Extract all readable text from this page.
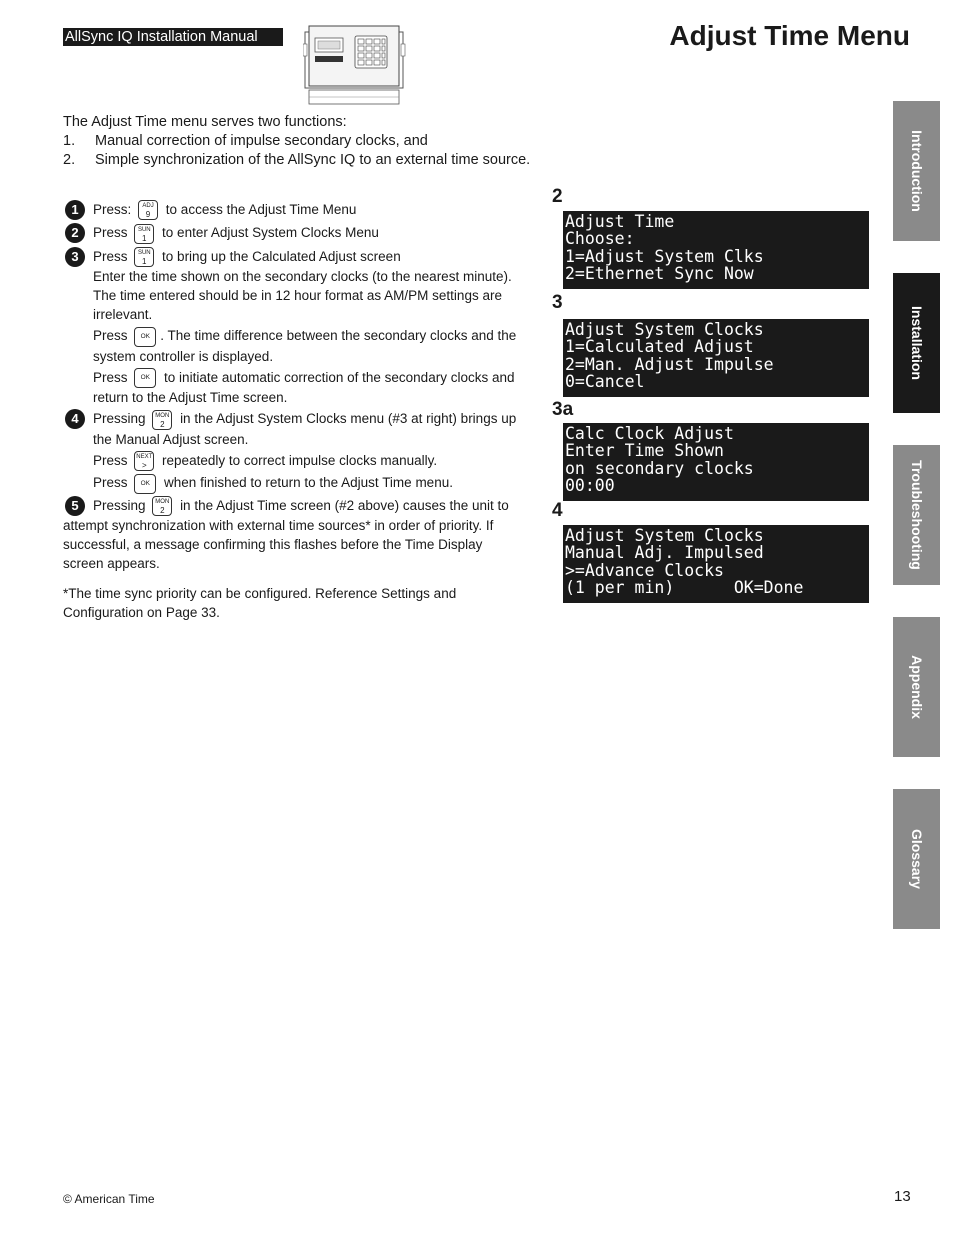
AllSync IQ Installation Manual	Adjust Time Menu
The Adjust Time menu serves two functions:
1.	Manual correction of impulse secondary clocks, and
2.	Simple synchronization of the AllSync IQ to an external time source.

1	Press: ADJ
9	to access the Adjust Time Menu

2	Press SUN
1	to enter Adjust System Clocks Menu

3	Press SUN
1	to bring up the Calculated Adjust screen

Enter the time shown on the secondary clocks (to the nearest minute). The time entered should be in 12 hour format as AM/PM settings are irrelevant.

Press OK . The time difference between the secondary clocks and the system controller is displayed.

Press OK to initiate automatic correction of the secondary clocks and return to the Adjust Time screen.

4	Pressing MON
2	in the Adjust System Clocks menu (#3 at right) brings up the Manual Adjust screen.

Press NEXT
>	repeatedly to correct impulse clocks manually.

Press OK when finished to return to the Adjust Time menu.

5	Pressing MON
2	in the Adjust Time screen (#2 above) causes the unit to attempt synchronization with external time sources* in order of priority. If successful, a message confirming this flashes before the Time Display screen appears.

*The time sync priority can be configured. Reference Settings and Configuration on Page 33.
2
Adjust Time
Choose:
1=Adjust System Clks
2=Ethernet Sync Now
3
Adjust System Clocks
1=Calculated Adjust
2=Man. Adjust Impulse
0=Cancel
3a
Calc Clock Adjust
Enter Time Shown
on secondary clocks
00:00
4
Adjust System Clocks
Manual Adj. Impulsed
>=Advance Clocks
(1 per min)      OK=Done
Introduction
Installation
Troubleshooting
Appendix
Glossary
© American Time	13
